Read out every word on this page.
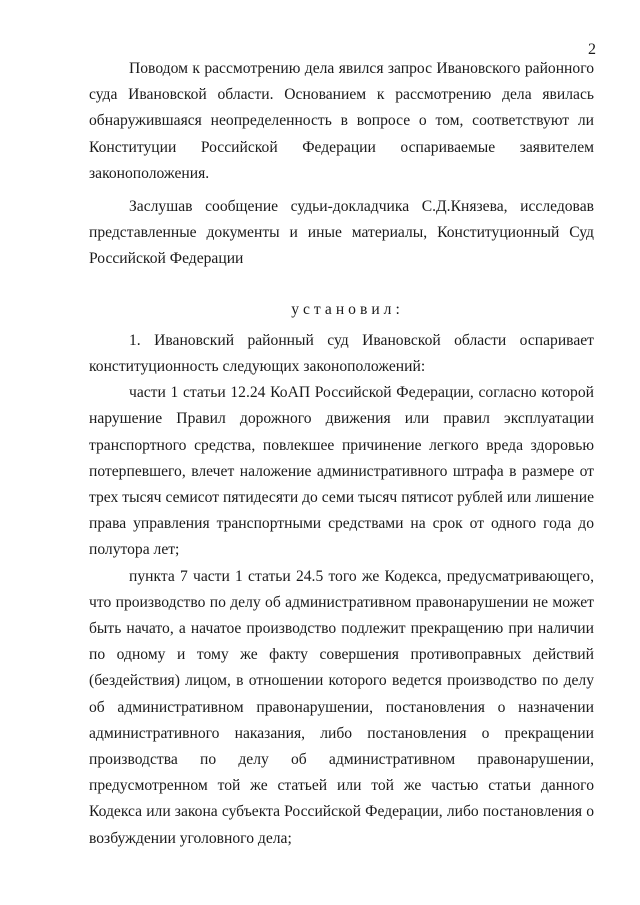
2

Поводом к рассмотрению дела явился запрос Ивановского районного суда Ивановской области. Основанием к рассмотрению дела явилась обнаружившаяся неопределенность в вопросе о том, соответствуют ли Конституции Российской Федерации оспариваемые заявителем законоположения.

Заслушав сообщение судьи-докладчика С.Д.Князева, исследовав представленные документы и иные материалы, Конституционный Суд Российской Федерации

установил:

1. Ивановский районный суд Ивановской области оспаривает конституционность следующих законоположений:

части 1 статьи 12.24 КоАП Российской Федерации, согласно которой нарушение Правил дорожного движения или правил эксплуатации транспортного средства, повлекшее причинение легкого вреда здоровью потерпевшего, влечет наложение административного штрафа в размере от трех тысяч семисот пятидесяти до семи тысяч пятисот рублей или лишение права управления транспортными средствами на срок от одного года до полутора лет;

пункта 7 части 1 статьи 24.5 того же Кодекса, предусматривающего, что производство по делу об административном правонарушении не может быть начато, а начатое производство подлежит прекращению при наличии по одному и тому же факту совершения противоправных действий (бездействия) лицом, в отношении которого ведется производство по делу об административном правонарушении, постановления о назначении административного наказания, либо постановления о прекращении производства по делу об административном правонарушении, предусмотренном той же статьей или той же частью статьи данного Кодекса или закона субъекта Российской Федерации, либо постановления о возбуждении уголовного дела;
